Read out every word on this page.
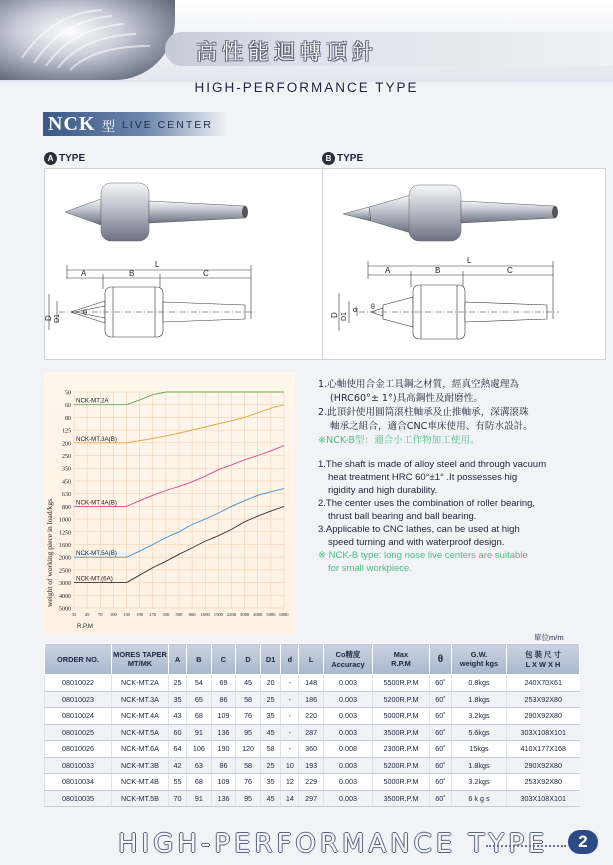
高性能迴轉頂針
HIGH-PERFORMANCE TYPE
NCK 型 LIVE CENTER
A TYPE	B TYPE
L
A	B	C
D D1
θ
L
A	B	C
D D1
d θ
50
60
80
125
200
250
350
450
630
800
1000
1250
1600
2000
2500
3000
4000
5000
35 45 70 100 130 190 270 350 500 800 1000 1500 2200 3000 4000 5000 6000
NCK-MT.2A
NCK-MT.3A(B)
NCK-MT.4A(B)
NCK-MT.5A(B)
NCK-MT.(6A)
weight of working piece in load/kgs
R.P.M

1.心軸使用合金工具鋼之材質，經真空熱處理為

(HRC60°± 1°)具高鋼性及耐磨性。

2.此頂針使用圓筒滾柱軸承及止推軸承，深溝滾珠

軸承之組合，適合CNC車床使用、有防水設計。

※NCK-B型：適合小工作物加工使用。

1.The shaft is made of alloy steel and through vacuum

heat treatment HRC 60°±1° .It possesses hig

rigidity and high durability.

2.The center uses the combination of roller bearing,

thrust ball bearing and ball bearing.

3.Applicable to CNC lathes, can be used at high

speed turning and with waterproof design.

※ NCK-B type: long nose live centers are suitable

for small workpiece.

單位m/m
ORDER NO.	MORES TAPER
MT/MK	A	B	C	D	D1	d	L	Co精度
Accuracy	Max
R.P.M	θ	G.W.
weight kgs	包 裝 尺 寸
L X W X H
08010022	NCK-MT.2A	25	54	69	45	20	-	148	0.003	5500R.P.M	60˚	0.8kgs	240X70X61
08010023	NCK-MT.3A	35	65	86	58	25	-	186	0.003	5200R.P.M	60˚	1.8kgs	253X92X80
08010024	NCK-MT.4A	43	68	109	76	35	-	220	0.003	5000R.P.M	60˚	3.2kgs	290X92X80
08010025	NCK-MT.5A	60	91	136	95	45	-	287	0.003	3500R.P.M	60˚	5.6kgs	303X108X101
08010026	NCK-MT.6A	64	106	190	120	58	-	360	0.008	2300R.P.M	60˚	15kgs	410X177X168
08010033	NCK-MT.3B	42	63	86	58	25	10	193	0.003	5200R.P.M	60˚	1.8kgs	290X92X80
08010034	NCK-MT.4B	55	68	109	76	35	12	229	0.003	5000R.P.M	60˚	3.2kgs	253X92X80
08010035	NCK-MT.5B	70	91	136	95	45	14	297	0.003	3500R.P.M	60˚	6 k g s	303X108X101
HIGH-PERFORMANCE TYPE	2
